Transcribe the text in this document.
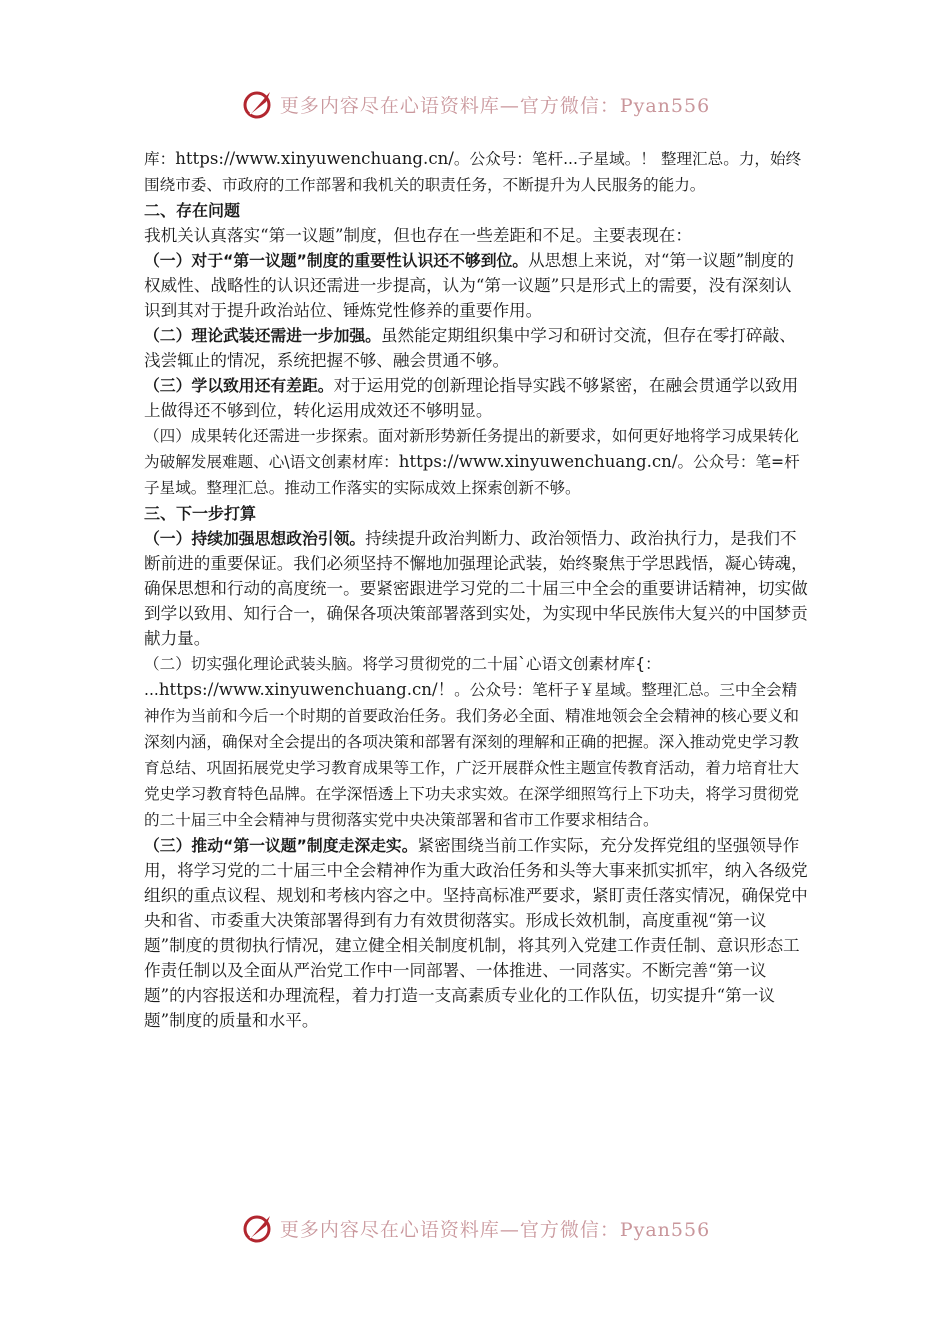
更多内容尽在心语资料库—官方微信：Pyan556

库：https://www.xinyuwenchuang.cn/。公众号：笔杆...子星域。！ 整理汇总。力，始终围绕市委、市政府的工作部署和我机关的职责任务，不断提升为人民服务的能力。

二、存在问题

我机关认真落实“第一议题”制度，但也存在一些差距和不足。主要表现在：

（一）对于“第一议题”制度的重要性认识还不够到位。从思想上来说，对“第一议题”制度的权威性、战略性的认识还需进一步提高，认为“第一议题”只是形式上的需要，没有深刻认识到其对于提升政治站位、锤炼党性修养的重要作用。

（二）理论武装还需进一步加强。虽然能定期组织集中学习和研讨交流，但存在零打碎敲、浅尝辄止的情况，系统把握不够、融会贯通不够。

（三）学以致用还有差距。对于运用党的创新理论指导实践不够紧密，在融会贯通学以致用上做得还不够到位，转化运用成效还不够明显。

（四）成果转化还需进一步探索。面对新形势新任务提出的新要求，如何更好地将学习成果转化为破解发展难题、心\语文创素材库：https://www.xinyuwenchuang.cn/。公众号：笔=杆子星域。整理汇总。推动工作落实的实际成效上探索创新不够。

三、下一步打算

（一）持续加强思想政治引领。持续提升政治判断力、政治领悟力、政治执行力，是我们不断前进的重要保证。我们必须坚持不懈地加强理论武装，始终聚焦于学思践悟，凝心铸魂，确保思想和行动的高度统一。要紧密跟进学习党的二十届三中全会的重要讲话精神，切实做到学以致用、知行合一，确保各项决策部署落到实处，为实现中华民族伟大复兴的中国梦贡献力量。

（二）切实强化理论武装头脑。将学习贯彻党的二十届`心语文创素材库{： ...https://www.xinyuwenchuang.cn/！。公众号：笔杆子￥星域。整理汇总。三中全会精神作为当前和今后一个时期的首要政治任务。我们务必全面、精准地领会全会精神的核心要义和深刻内涵，确保对全会提出的各项决策和部署有深刻的理解和正确的把握。深入推动党史学习教育总结、巩固拓展党史学习教育成果等工作，广泛开展群众性主题宣传教育活动，着力培育壮大党史学习教育特色品牌。在学深悟透上下功夫求实效。在深学细照笃行上下功夫，将学习贯彻党的二十届三中全会精神与贯彻落实党中央决策部署和省市工作要求相结合。

（三）推动“第一议题”制度走深走实。紧密围绕当前工作实际，充分发挥党组的坚强领导作用，将学习党的二十届三中全会精神作为重大政治任务和头等大事来抓实抓牢，纳入各级党组织的重点议程、规划和考核内容之中。坚持高标准严要求，紧盯责任落实情况，确保党中央和省、市委重大决策部署得到有力有效贯彻落实。形成长效机制，高度重视“第一议题”制度的贯彻执行情况，建立健全相关制度机制，将其列入党建工作责任制、意识形态工作责任制以及全面从严治党工作中一同部署、一体推进、一同落实。不断完善“第一议题”的内容报送和办理流程，着力打造一支高素质专业化的工作队伍，切实提升“第一议题”制度的质量和水平。

更多内容尽在心语资料库—官方微信：Pyan556
